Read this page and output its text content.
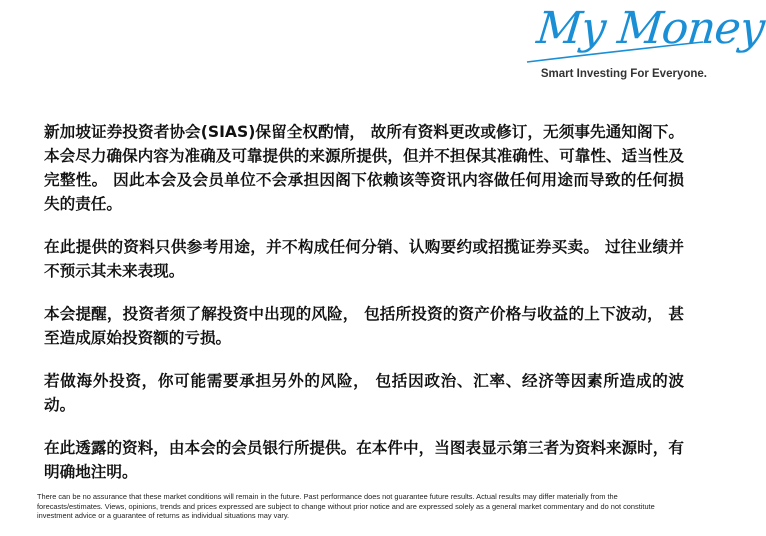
My Money
Smart Investing For Everyone.

新加坡证券投资者协会(SIAS)保留全权酌情， 故所有资料更改或修订，无须事先通知阁下。本会尽力确保内容为准确及可靠提供的来源所提供，但并不担保其准确性、可靠性、适当性及完整性。 因此本会及会员单位不会承担因阁下依赖该等资讯内容做任何用途而导致的任何损失的责任。

在此提供的资料只供参考用途，并不构成任何分销、认购要约或招揽证券买卖。 过往业绩并不预示其未来表现。

本会提醒，投资者须了解投资中出现的风险， 包括所投资的资产价格与收益的上下波动， 甚至造成原始投资额的亏损。

若做海外投资，你可能需要承担另外的风险， 包括因政治、汇率、经济等因素所造成的波动。

在此透露的资料，由本会的会员银行所提供。在本件中，当图表显示第三者为资料来源时，有明确地注明。

There can be no assurance that these market conditions will remain in the future. Past performance does not guarantee future results. Actual results may differ materially from the forecasts/estimates. Views, opinions, trends and prices expressed are subject to change without prior notice and are expressed solely as a general market commentary and do not constitute investment advice or a guarantee of returns as individual situations may vary.
